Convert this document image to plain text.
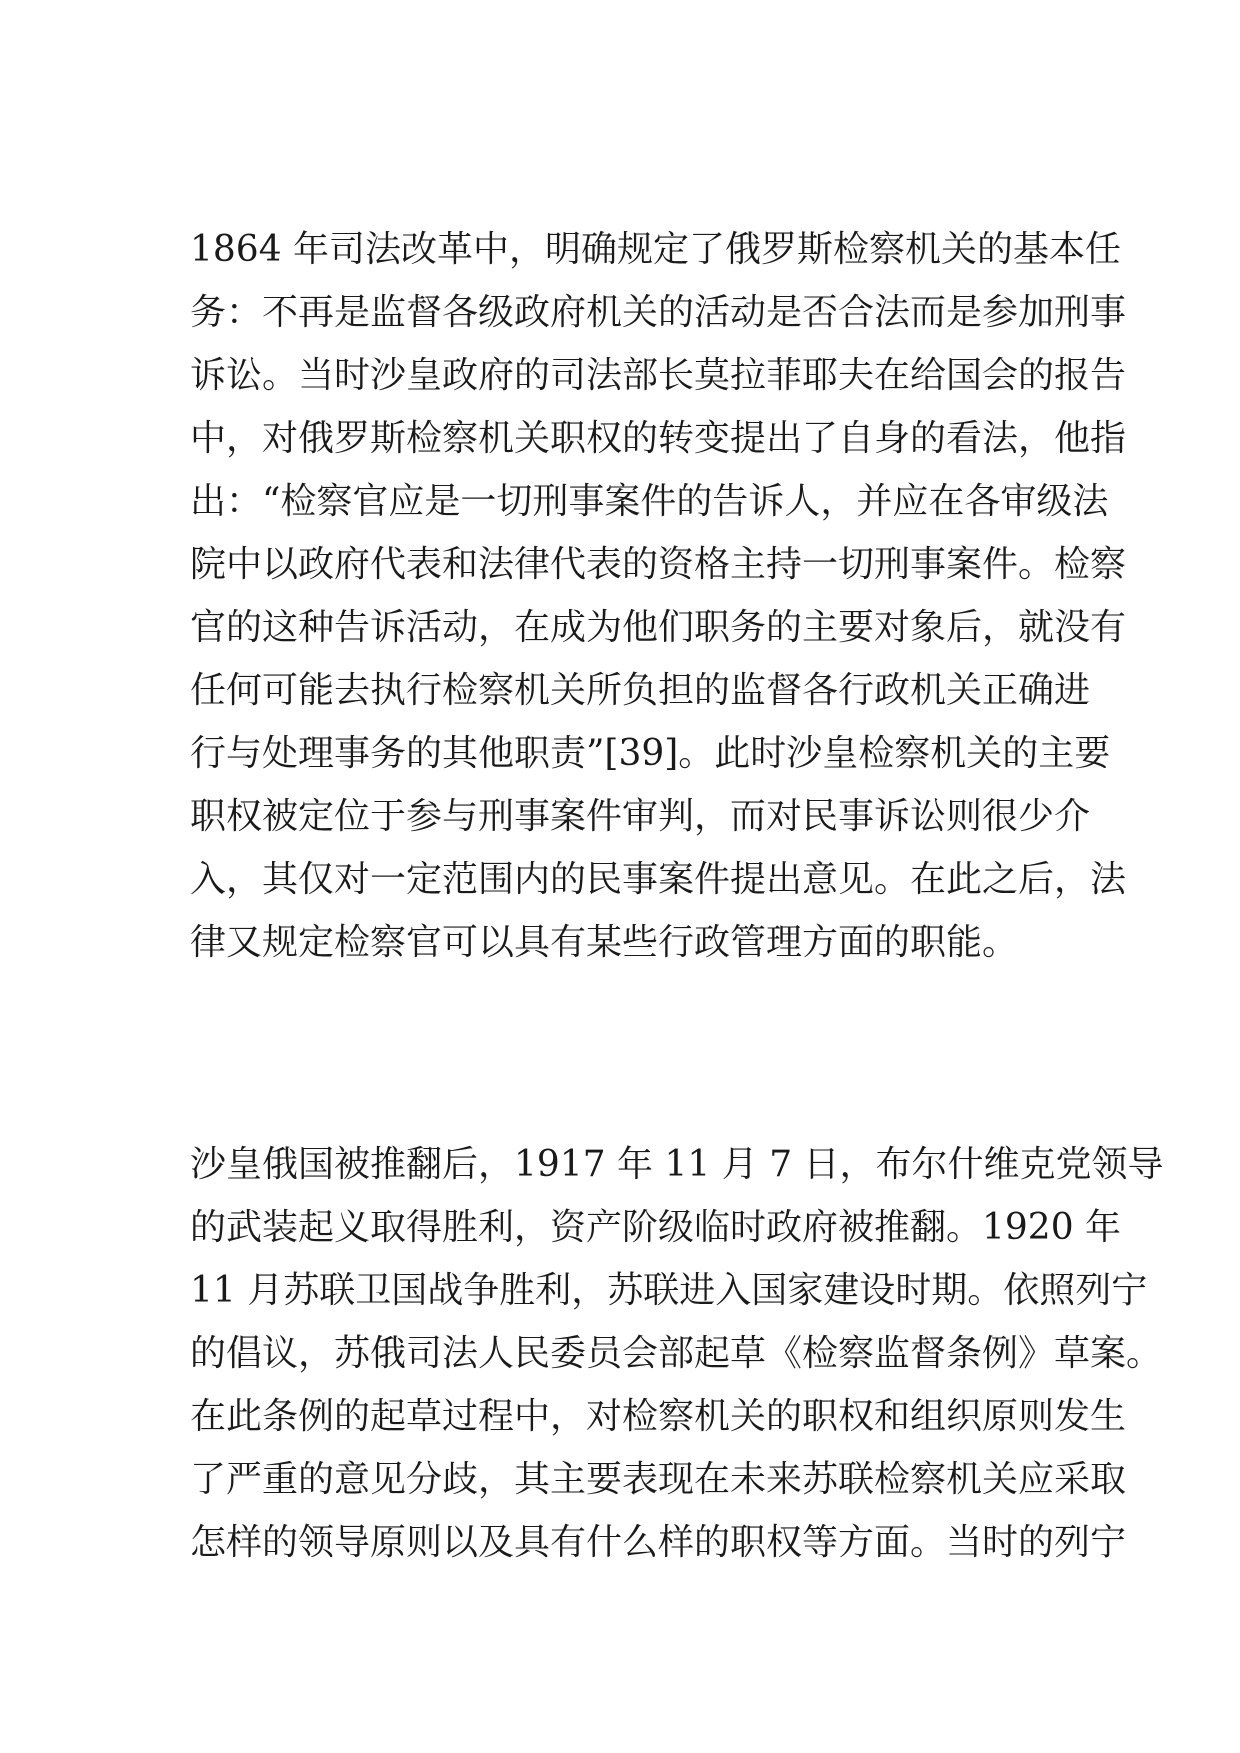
1864 年司法改革中，明确规定了俄罗斯检察机关的基本任
务：不再是监督各级政府机关的活动是否合法而是参加刑事
诉讼。当时沙皇政府的司法部长莫拉菲耶夫在给国会的报告
中，对俄罗斯检察机关职权的转变提出了自身的看法，他指
出：“检察官应是一切刑事案件的告诉人，并应在各审级法
院中以政府代表和法律代表的资格主持一切刑事案件。检察
官的这种告诉活动，在成为他们职务的主要对象后，就没有
任何可能去执行检察机关所负担的监督各行政机关正确进
行与处理事务的其他职责”[39]。此时沙皇检察机关的主要
职权被定位于参与刑事案件审判，而对民事诉讼则很少介
入，其仅对一定范围内的民事案件提出意见。在此之后，法
律又规定检察官可以具有某些行政管理方面的职能。
沙皇俄国被推翻后，1917 年 11 月 7 日，布尔什维克党领导
的武装起义取得胜利，资产阶级临时政府被推翻。1920 年
11 月苏联卫国战争胜利，苏联进入国家建设时期。依照列宁
的倡议，苏俄司法人民委员会部起草《检察监督条例》草案。
在此条例的起草过程中，对检察机关的职权和组织原则发生
了严重的意见分歧，其主要表现在未来苏联检察机关应采取
怎样的领导原则以及具有什么样的职权等方面。当时的列宁
